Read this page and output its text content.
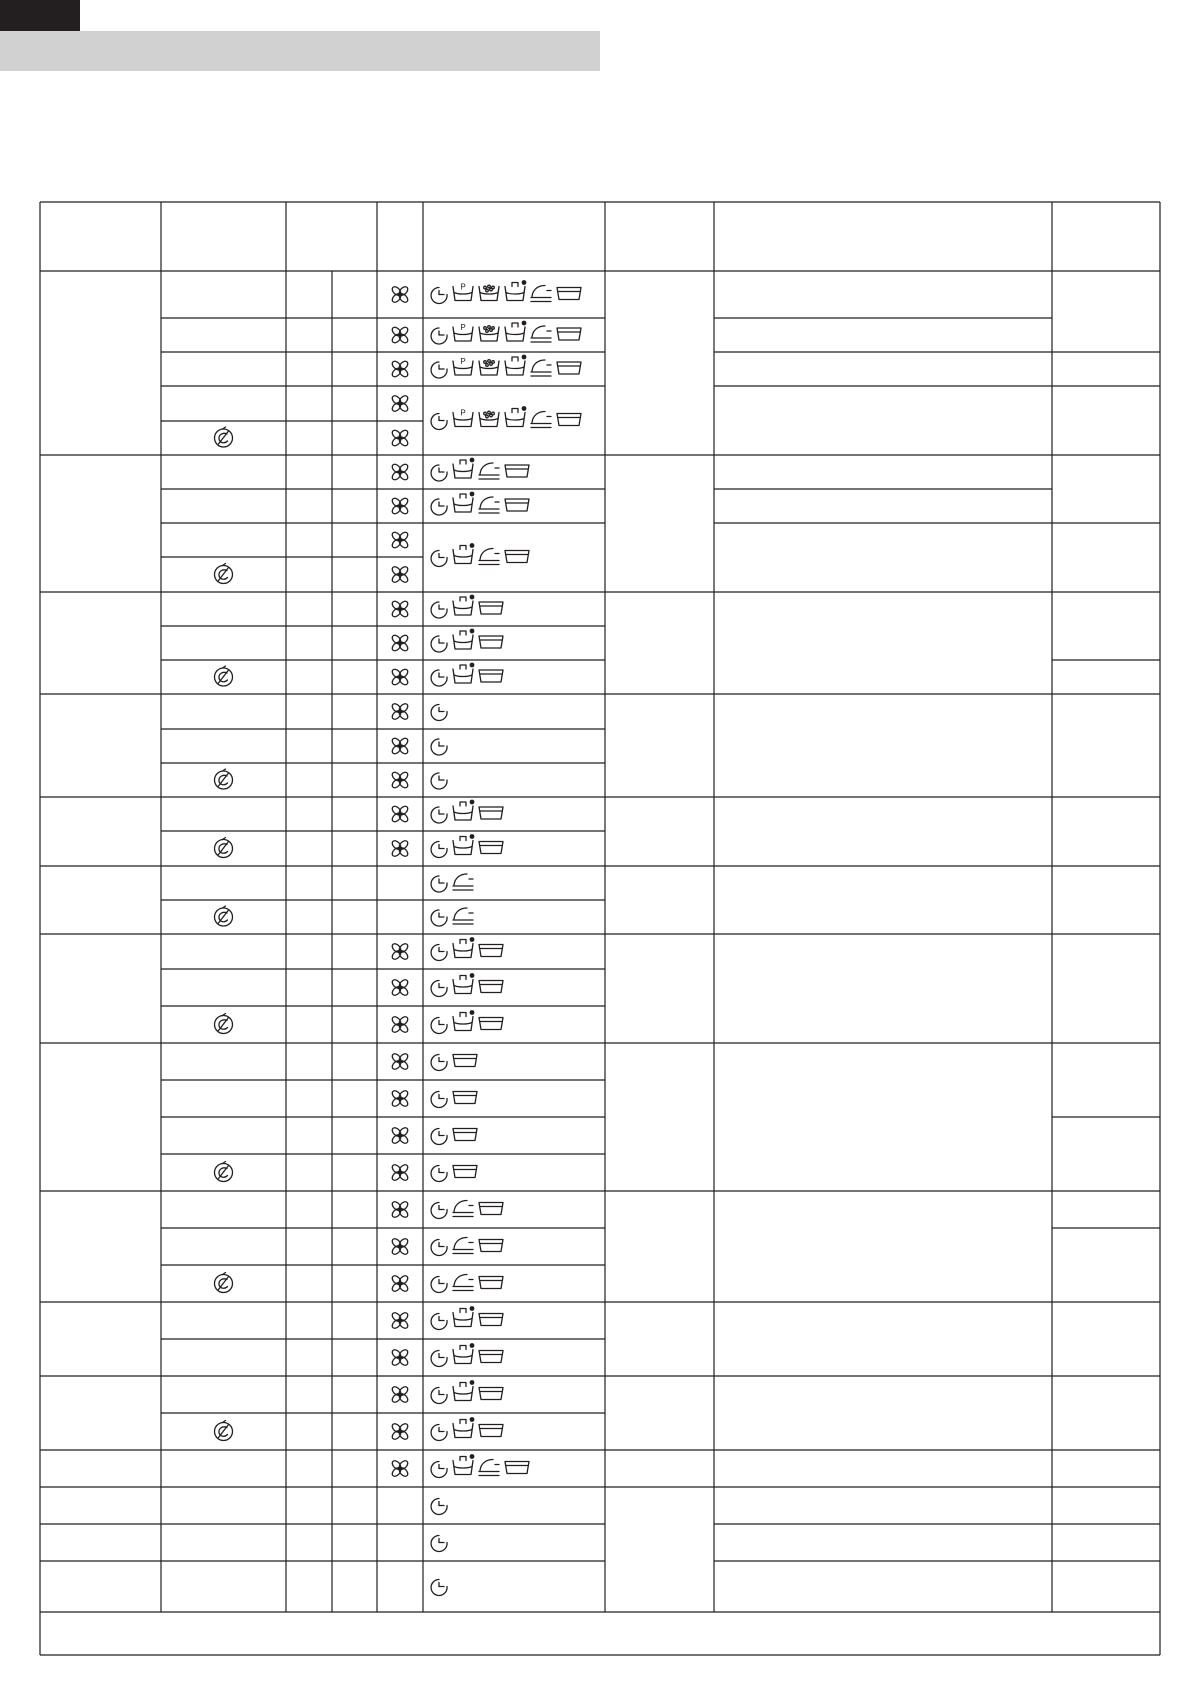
P
P
P
P
